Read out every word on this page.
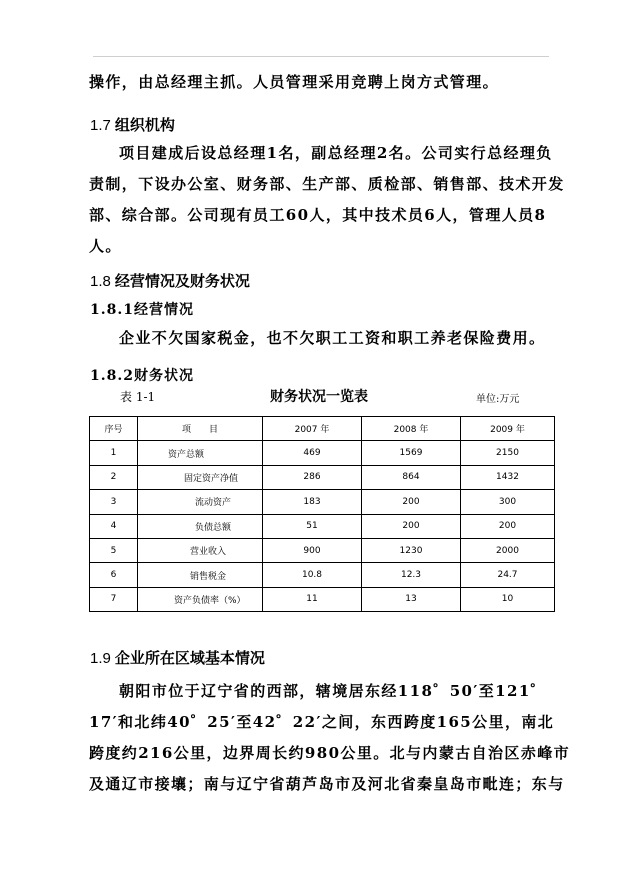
操作，由总经理主抓。人员管理采用竞聘上岗方式管理。
1.7 组织机构
项目建成后设总经理1名，副总经理2名。公司实行总经理负
责制，下设办公室、财务部、生产部、质检部、销售部、技术开发
部、综合部。公司现有员工60人，其中技术员6人，管理人员8
人。
1.8 经营情况及财务状况
1.8.1经营情况
企业不欠国家税金，也不欠职工工资和职工养老保险费用。
1.8.2财务状况
表 1-1	财务状况一览表	单位:万元
序号	项　　目	2007 年	2008 年	2009 年
1	资产总额	469	1569	2150
2	固定资产净值	286	864	1432
3	流动资产	183	200	300
4	负债总额	51	200	200
5	营业收入	900	1230	2000
6	销售税金	10.8	12.3	24.7
7	资产负债率（%）	11	13	10
1.9 企业所在区域基本情况
朝阳市位于辽宁省的西部，辖境居东经118゜50′至121゜
17′和北纬40゜25′至42゜22′之间，东西跨度165公里，南北
跨度约216公里，边界周长约980公里。北与内蒙古自治区赤峰市
及通辽市接壤；南与辽宁省葫芦岛市及河北省秦皇岛市毗连；东与
